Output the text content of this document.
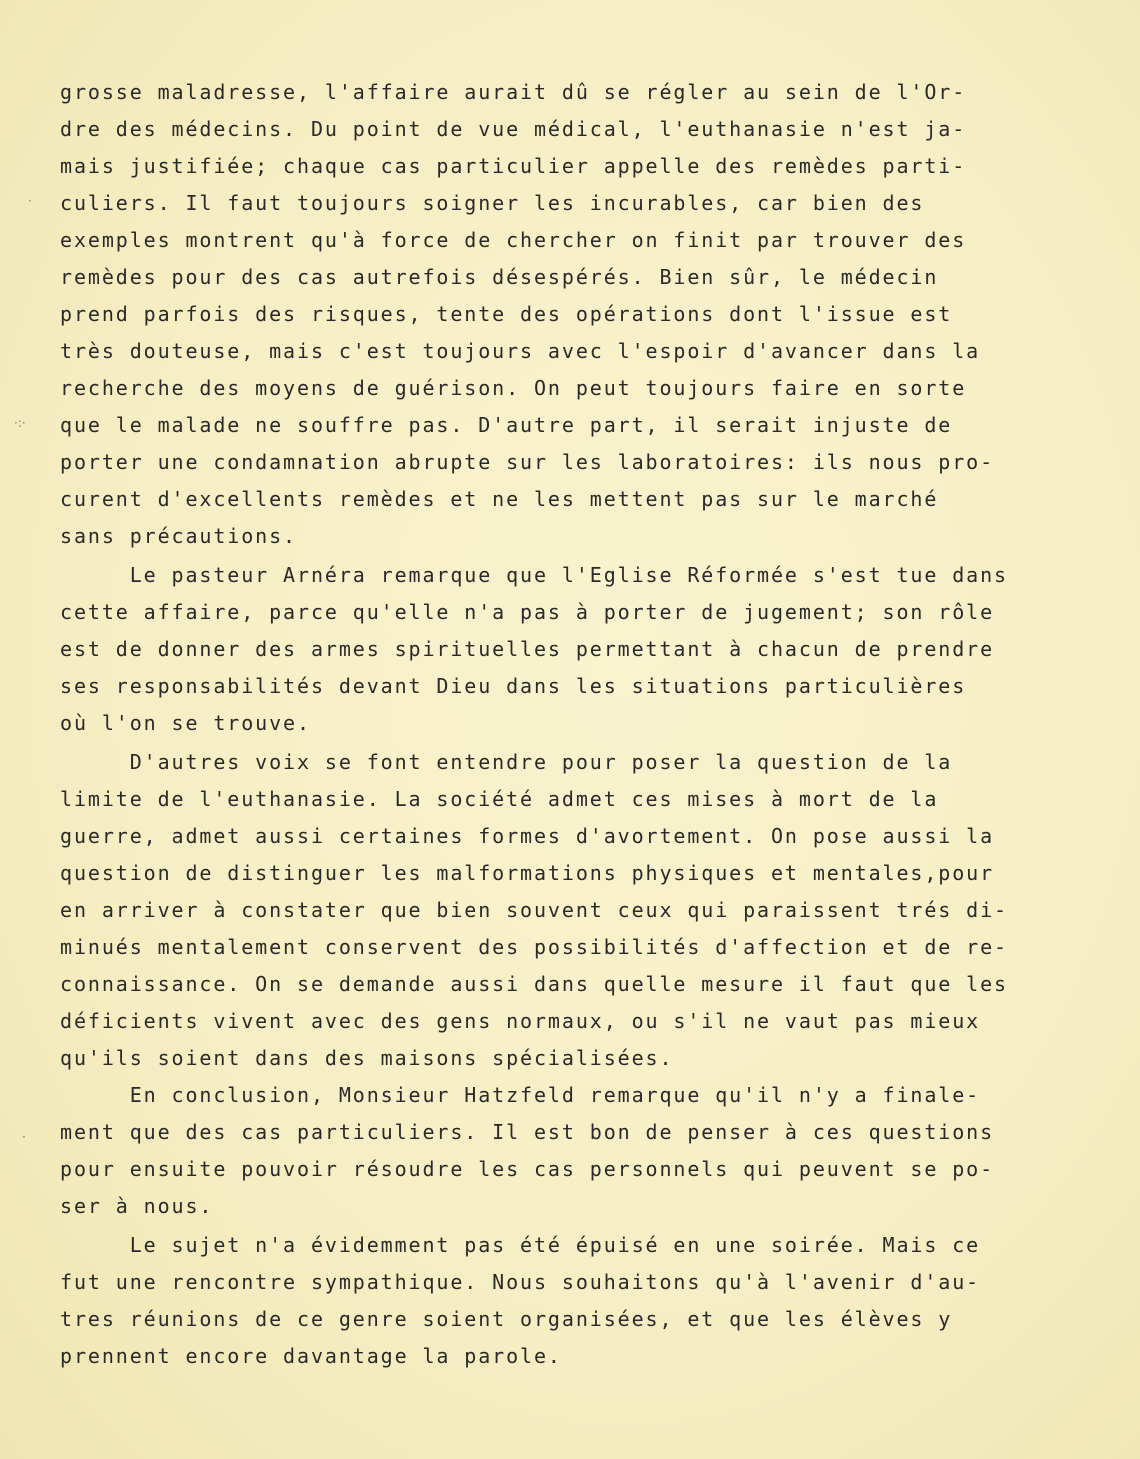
grosse maladresse, l'affaire aurait dû se régler au sein de l'Or-
dre des médecins. Du point de vue médical, l'euthanasie n'est ja-
mais justifiée; chaque cas particulier appelle des remèdes parti-
culiers. Il faut toujours soigner les incurables, car bien des
exemples montrent qu'à force de chercher on finit par trouver des
remèdes pour des cas autrefois désespérés. Bien sûr, le médecin
prend parfois des risques, tente des opérations dont l'issue est
très douteuse, mais c'est toujours avec l'espoir d'avancer dans la
recherche des moyens de guérison. On peut toujours faire en sorte
que le malade ne souffre pas. D'autre part, il serait injuste de
porter une condamnation abrupte sur les laboratoires: ils nous pro-
curent d'excellents remèdes et ne les mettent pas sur le marché
sans précautions.
Le pasteur Arnéra remarque que l'Eglise Réformée s'est tue dans
cette affaire, parce qu'elle n'a pas à porter de jugement; son rôle
est de donner des armes spirituelles permettant à chacun de prendre
ses responsabilités devant Dieu dans les situations particulières
où l'on se trouve.
D'autres voix se font entendre pour poser la question de la
limite de l'euthanasie. La société admet ces mises à mort de la
guerre, admet aussi certaines formes d'avortement. On pose aussi la
question de distinguer les malformations physiques et mentales,pour
en arriver à constater que bien souvent ceux qui paraissent trés di-
minués mentalement conservent des possibilités d'affection et de re-
connaissance. On se demande aussi dans quelle mesure il faut que les
déficients vivent avec des gens normaux, ou s'il ne vaut pas mieux
qu'ils soient dans des maisons spécialisées.
En conclusion, Monsieur Hatzfeld remarque qu'il n'y a finale-
ment que des cas particuliers. Il est bon de penser à ces questions
pour ensuite pouvoir résoudre les cas personnels qui peuvent se po-
ser à nous.
Le sujet n'a évidemment pas été épuisé en une soirée. Mais ce
fut une rencontre sympathique. Nous souhaitons qu'à l'avenir d'au-
tres réunions de ce genre soient organisées, et que les élèves y
prennent encore davantage la parole.
·
·:·
·
